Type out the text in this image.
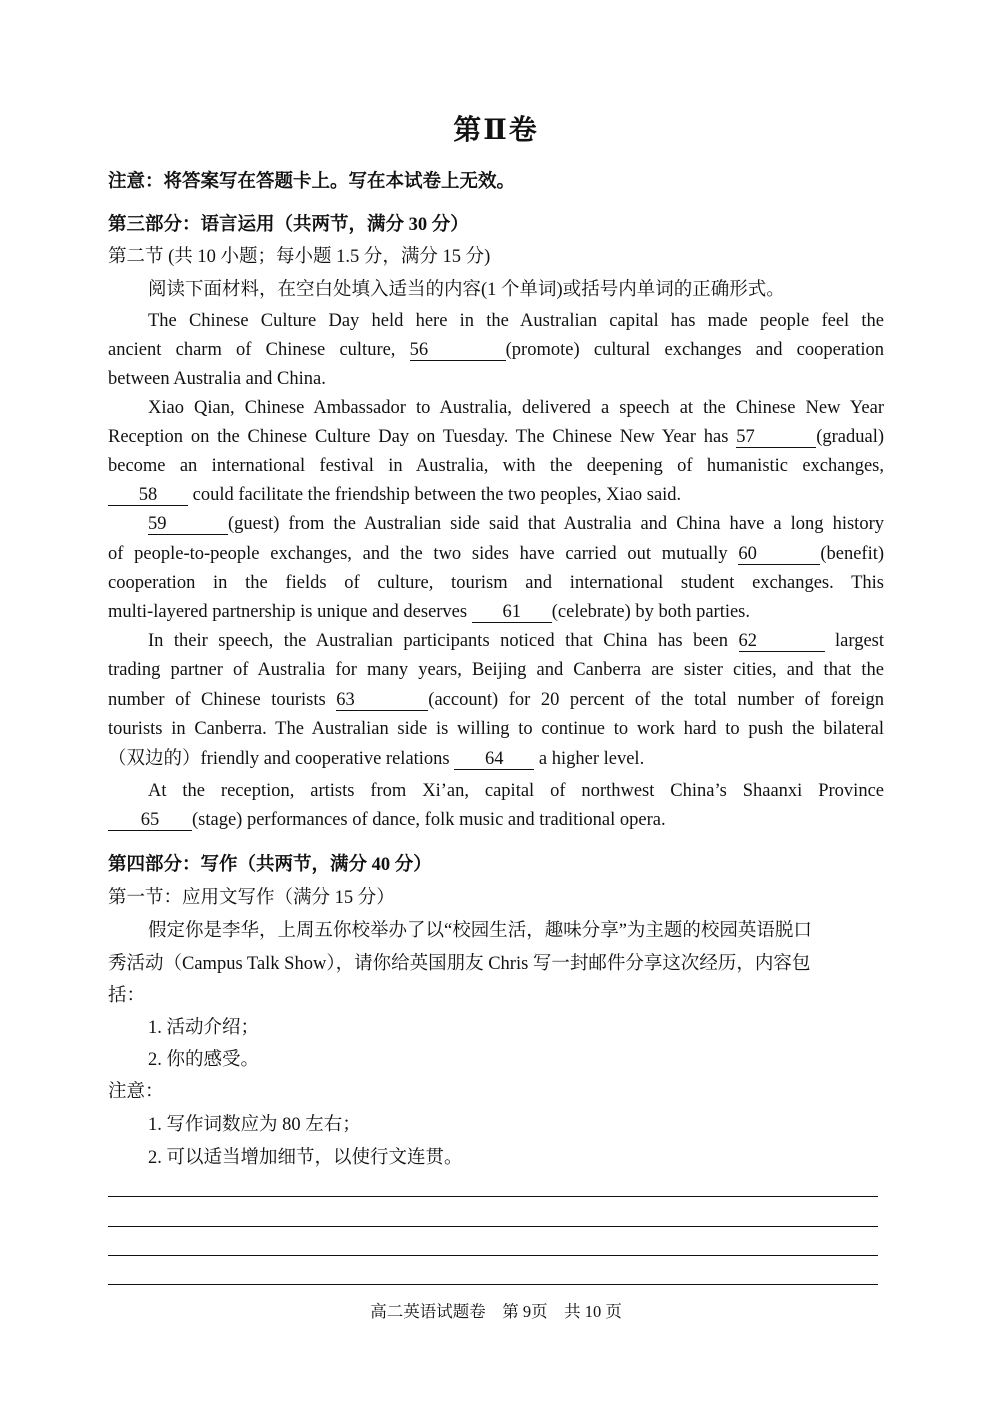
第Ⅱ卷
注意：将答案写在答题卡上。写在本试卷上无效。
第三部分：语言运用（共两节，满分 30 分）
第二节 (共 10 小题；每小题 1.5 分，满分 15 分)
阅读下面材料，在空白处填入适当的内容(1 个单词)或括号内单词的正确形式。
The Chinese Culture Day held here in the Australian capital has made people feel the
ancient charm of Chinese culture, 56	(promote) cultural exchanges and cooperation
between Australia and China.
Xiao Qian, Chinese Ambassador to Australia, delivered a speech at the Chinese New Year
Reception on the Chinese Culture Day on Tuesday. The Chinese New Year has 57	(gradual)
become an international festival in Australia, with the deepening of humanistic exchanges,
58 could facilitate the friendship between the two peoples, Xiao said.
59	(guest) from the Australian side said that Australia and China have a long history
of people-to-people exchanges, and the two sides have carried out mutually 60	(benefit)
cooperation in the fields of culture, tourism and international student exchanges. This
multi-layered partnership is unique and deserves 61 (celebrate) by both parties.
In their speech, the Australian participants noticed that China has been 62	largest
trading partner of Australia for many years, Beijing and Canberra are sister cities, and that the
number of Chinese tourists 63	(account) for 20 percent of the total number of foreign
tourists in Canberra. The Australian side is willing to continue to work hard to push the bilateral
（双边的）friendly and cooperative relations 64 a higher level.
At the reception, artists from Xi’an, capital of northwest China’s Shaanxi Province
65 (stage) performances of dance, folk music and traditional opera.
第四部分：写作（共两节，满分 40 分）
第一节：应用文写作（满分 15 分）
假定你是李华，上周五你校举办了以“校园生活，趣味分享”为主题的校园英语脱口
秀活动（Campus Talk Show），请你给英国朋友 Chris 写一封邮件分享这次经历，内容包
括：
1. 活动介绍；
2. 你的感受。
注意：
1. 写作词数应为 80 左右；
2. 可以适当增加细节，以使行文连贯。
高二英语试题卷　第 9页　共 10 页
